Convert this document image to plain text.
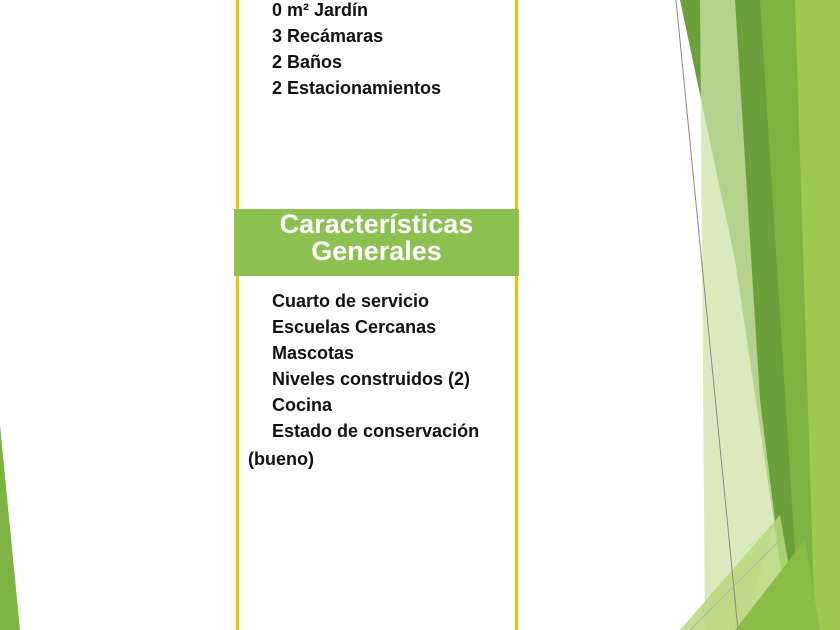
0 m² Jardín
3 Recámaras
2 Baños
2 Estacionamientos
Características
Generales
Cuarto de servicio
Escuelas Cercanas
Mascotas
Niveles construidos (2)
Cocina
Estado de conservación
(bueno)
